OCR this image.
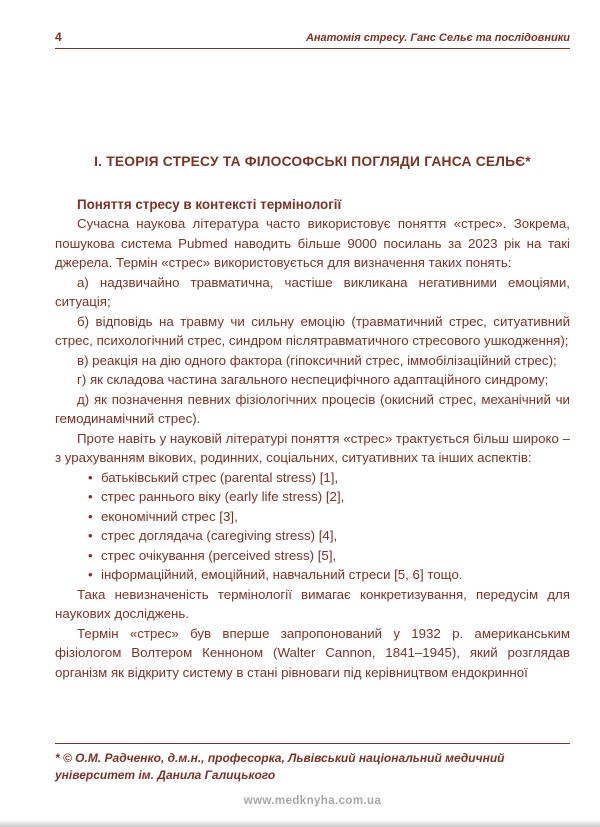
4	Анатомія стресу. Ганс Сельє та послідовники
І. ТЕОРІЯ СТРЕСУ ТА ФІЛОСОФСЬКІ ПОГЛЯДИ ГАНСА СЕЛЬЄ*
Поняття стресу в контексті термінології

Сучасна наукова література часто використовує поняття «стрес». Зокрема, пошукова система Pubmed наводить більше 9000 посилань за 2023 рік на такі джерела. Термін «стрес» використовується для визначення таких понять:

а) надзвичайно травматична, частіше викликана негативними емоціями, ситуація;

б) відповідь на травму чи сильну емоцію (травматичний стрес, ситуативний стрес, психологічний стрес, синдром післятравматичного стресового ушкодження);

в) реакція на дію одного фактора (гіпоксичний стрес, іммобілізаційний стрес);

г) як складова частина загального неспецифічного адаптаційного синдрому;

д) як позначення певних фізіологічних процесів (окисний стрес, механічний чи гемодинамічний стрес).

Проте навіть у науковій літературі поняття «стрес» трактується більш широко – з урахуванням вікових, родинних, соціальних, ситуативних та інших аспектів:

• батьківський стрес (parental stress) [1],
• стрес раннього віку (early life stress) [2],
• економічний стрес [3],
• стрес доглядача (caregiving stress) [4],
• стрес очікування (perceived stress) [5],
• інформаційний, емоційний, навчальний стреси [5, 6] тощо.

Така невизначеність термінології вимагає конкретизування, передусім для наукових досліджень.

Термін «стрес» був вперше запропонований у 1932 р. американським фізіологом Волтером Кенноном (Walter Cannon, 1841–1945), який розглядав організм як відкриту систему в стані рівноваги під керівництвом ендокринної

* © О.М. Радченко, д.м.н., професорка, Львівський національний медичний університет ім. Данила Галицького

www.medknyha.com.ua
